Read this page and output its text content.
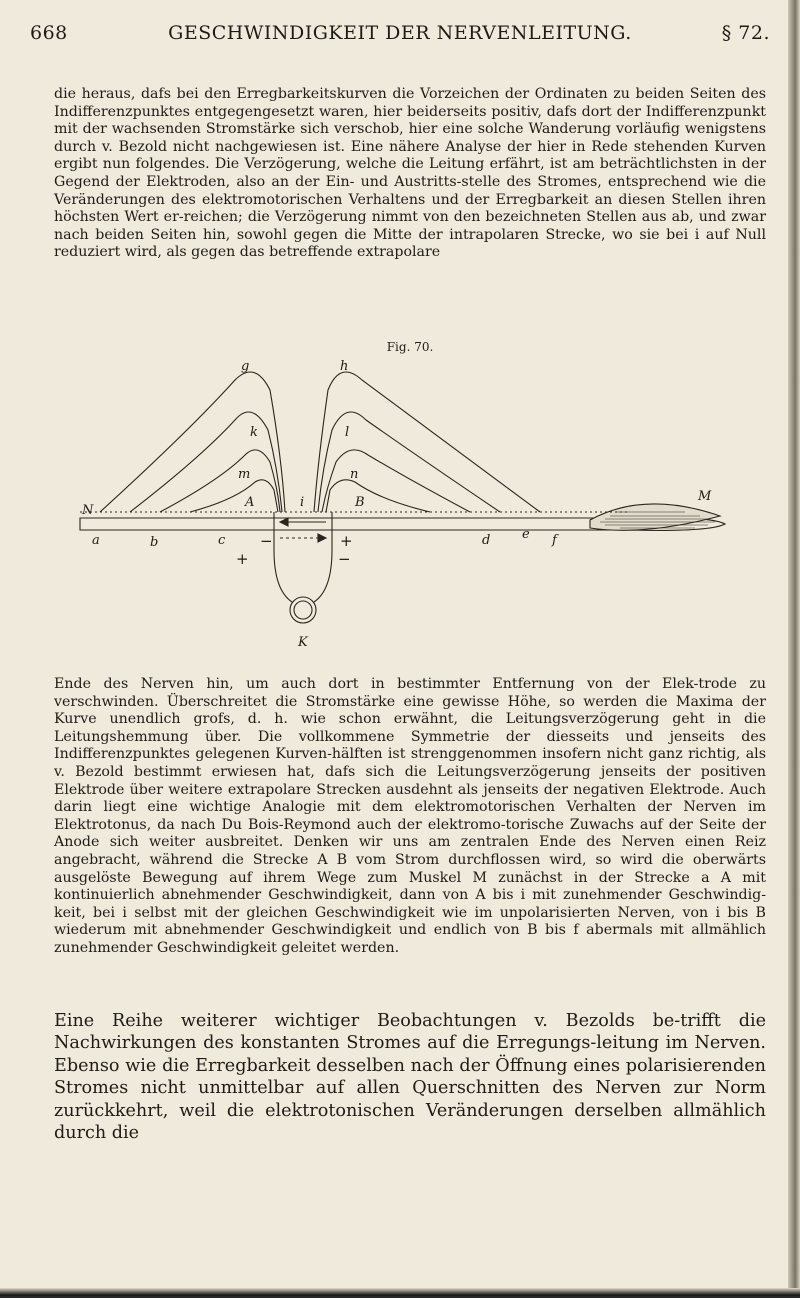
668	GESCHWINDIGKEIT DER NERVENLEITUNG.	§ 72.
die heraus, dafs bei den Erregbarkeitskurven die Vorzeichen der Ordinaten zu beiden Seiten des Indifferenzpunktes entgegengesetzt waren, hier beiderseits positiv, dafs dort der Indifferenzpunkt mit der wachsenden Stromstärke sich verschob, hier eine solche Wanderung vorläufig wenigstens durch v. Bezold nicht nachgewiesen ist. Eine nähere Analyse der hier in Rede stehenden Kurven ergibt nun folgendes. Die Verzögerung, welche die Leitung erfährt, ist am beträchtlichsten in der Gegend der Elektroden, also an der Ein- und Austritts-stelle des Stromes, entsprechend wie die Veränderungen des elektromotorischen Verhaltens und der Erregbarkeit an diesen Stellen ihren höchsten Wert er-reichen; die Verzögerung nimmt von den bezeichneten Stellen aus ab, und zwar nach beiden Seiten hin, sowohl gegen die Mitte der intrapolaren Strecke, wo sie bei i auf Null reduziert wird, als gegen das betreffende extrapolare
Fig. 70.
g	h
k	l
m	n
A	B
i	M
N
K
a	b	c	d e f
+
−	+
−
Ende des Nerven hin, um auch dort in bestimmter Entfernung von der Elek-trode zu verschwinden. Überschreitet die Stromstärke eine gewisse Höhe, so werden die Maxima der Kurve unendlich grofs, d. h. wie schon erwähnt, die Leitungsverzögerung geht in die Leitungshemmung über. Die vollkommene Symmetrie der diesseits und jenseits des Indifferenzpunktes gelegenen Kurven-hälften ist strenggenommen insofern nicht ganz richtig, als v. Bezold bestimmt erwiesen hat, dafs sich die Leitungsverzögerung jenseits der positiven Elektrode über weitere extrapolare Strecken ausdehnt als jenseits der negativen Elektrode. Auch darin liegt eine wichtige Analogie mit dem elektromotorischen Verhalten der Nerven im Elektrotonus, da nach Du Bois-Reymond auch der elektromo-torische Zuwachs auf der Seite der Anode sich weiter ausbreitet. Denken wir uns am zentralen Ende des Nerven einen Reiz angebracht, während die Strecke A B vom Strom durchflossen wird, so wird die oberwärts ausgelöste Bewegung auf ihrem Wege zum Muskel M zunächst in der Strecke a A mit kontinuierlich abnehmender Geschwindigkeit, dann von A bis i mit zunehmender Geschwindig-keit, bei i selbst mit der gleichen Geschwindigkeit wie im unpolarisierten Nerven, von i bis B wiederum mit abnehmender Geschwindigkeit und endlich von B bis f abermals mit allmählich zunehmender Geschwindigkeit geleitet werden.
Eine Reihe weiterer wichtiger Beobachtungen v. Bezolds be-trifft die Nachwirkungen des konstanten Stromes auf die Erregungs-leitung im Nerven. Ebenso wie die Erregbarkeit desselben nach der Öffnung eines polarisierenden Stromes nicht unmittelbar auf allen Querschnitten des Nerven zur Norm zurückkehrt, weil die elektrotonischen Veränderungen derselben allmählich durch die
